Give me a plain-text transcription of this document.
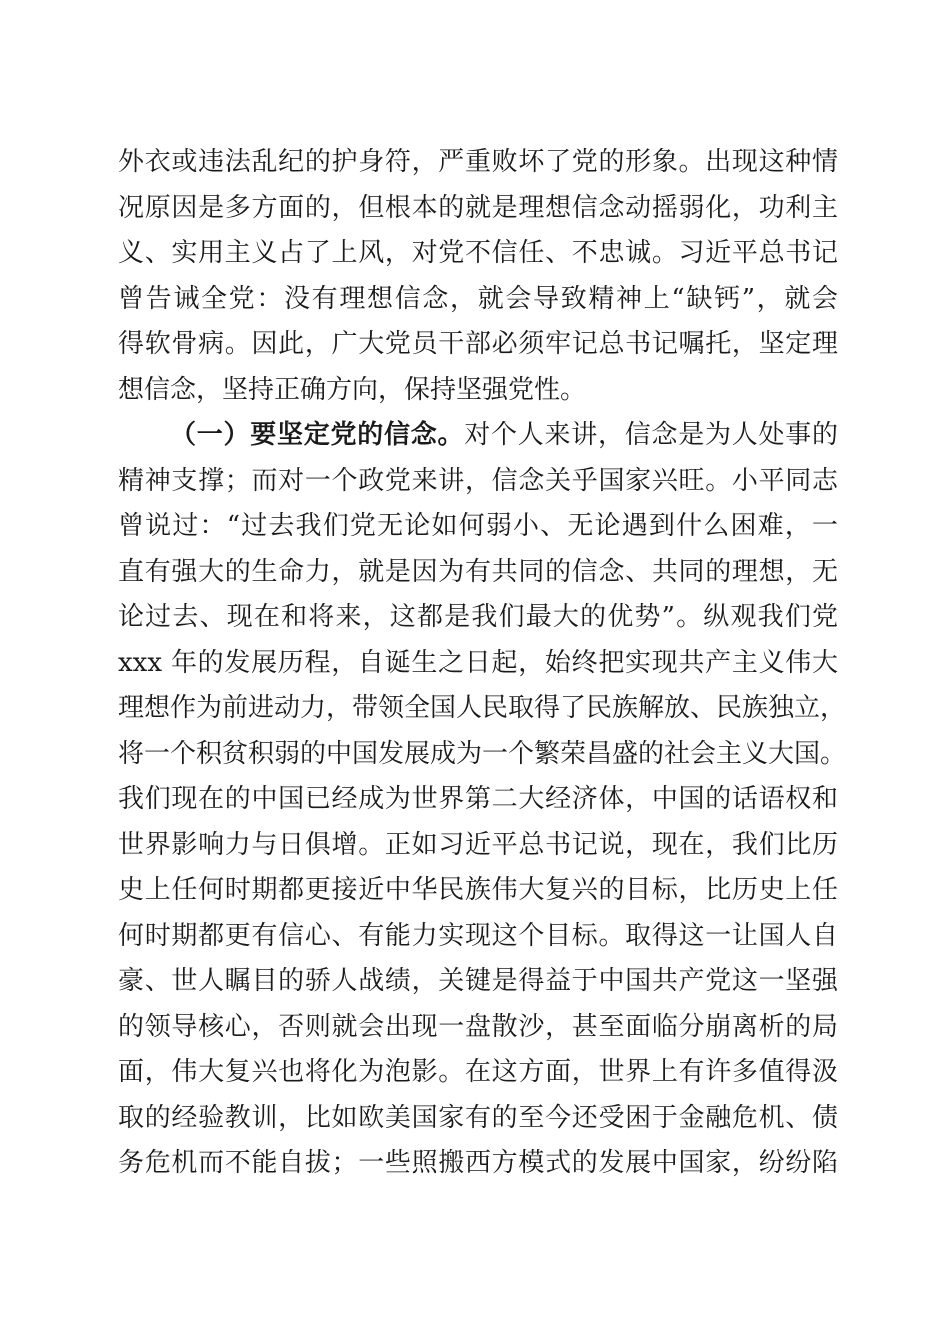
外衣或违法乱纪的护身符，严重败坏了党的形象。出现这种情
况原因是多方面的，但根本的就是理想信念动摇弱化，功利主
义、实用主义占了上风，对党不信任、不忠诚。习近平总书记
曾告诫全党：没有理想信念，就会导致精神上“缺钙”，就会
得软骨病。因此，广大党员干部必须牢记总书记嘱托，坚定理
想信念，坚持正确方向，保持坚强党性。
（一）要坚定党的信念。对个人来讲，信念是为人处事的
精神支撑；而对一个政党来讲，信念关乎国家兴旺。小平同志
曾说过：“过去我们党无论如何弱小、无论遇到什么困难，一
直有强大的生命力，就是因为有共同的信念、共同的理想，无
论过去、现在和将来，这都是我们最大的优势”。纵观我们党
xxx 年的发展历程，自诞生之日起，始终把实现共产主义伟大
理想作为前进动力，带领全国人民取得了民族解放、民族独立，
将一个积贫积弱的中国发展成为一个繁荣昌盛的社会主义大国。
我们现在的中国已经成为世界第二大经济体，中国的话语权和
世界影响力与日俱增。正如习近平总书记说，现在，我们比历
史上任何时期都更接近中华民族伟大复兴的目标，比历史上任
何时期都更有信心、有能力实现这个目标。取得这一让国人自
豪、世人瞩目的骄人战绩，关键是得益于中国共产党这一坚强
的领导核心，否则就会出现一盘散沙，甚至面临分崩离析的局
面，伟大复兴也将化为泡影。在这方面，世界上有许多值得汲
取的经验教训，比如欧美国家有的至今还受困于金融危机、债
务危机而不能自拔；一些照搬西方模式的发展中国家，纷纷陷
